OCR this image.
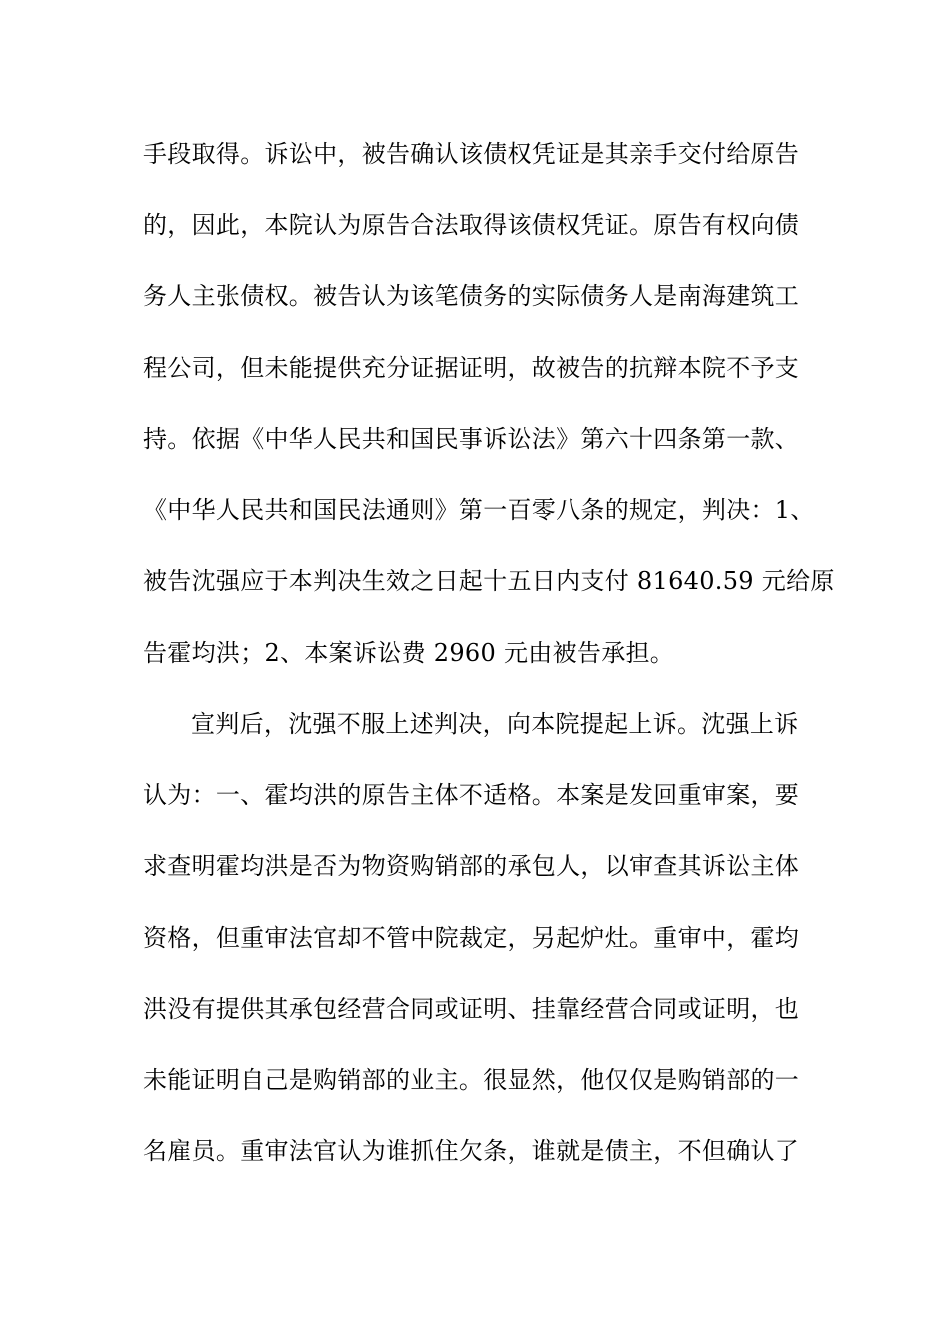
手段取得。诉讼中，被告确认该债权凭证是其亲手交付给原告
的，因此，本院认为原告合法取得该债权凭证。原告有权向债
务人主张债权。被告认为该笔债务的实际债务人是南海建筑工
程公司，但未能提供充分证据证明，故被告的抗辩本院不予支
持。依据《中华人民共和国民事诉讼法》第六十四条第一款、
《中华人民共和国民法通则》第一百零八条的规定，判决：1、
被告沈强应于本判决生效之日起十五日内支付 81640.59 元给原
告霍均洪；2、本案诉讼费 2960 元由被告承担。
宣判后，沈强不服上述判决，向本院提起上诉。沈强上诉
认为：一、霍均洪的原告主体不适格。本案是发回重审案，要
求查明霍均洪是否为物资购销部的承包人，以审查其诉讼主体
资格，但重审法官却不管中院裁定，另起炉灶。重审中，霍均
洪没有提供其承包经营合同或证明、挂靠经营合同或证明，也
未能证明自己是购销部的业主。很显然，他仅仅是购销部的一
名雇员。重审法官认为谁抓住欠条，谁就是债主，不但确认了
